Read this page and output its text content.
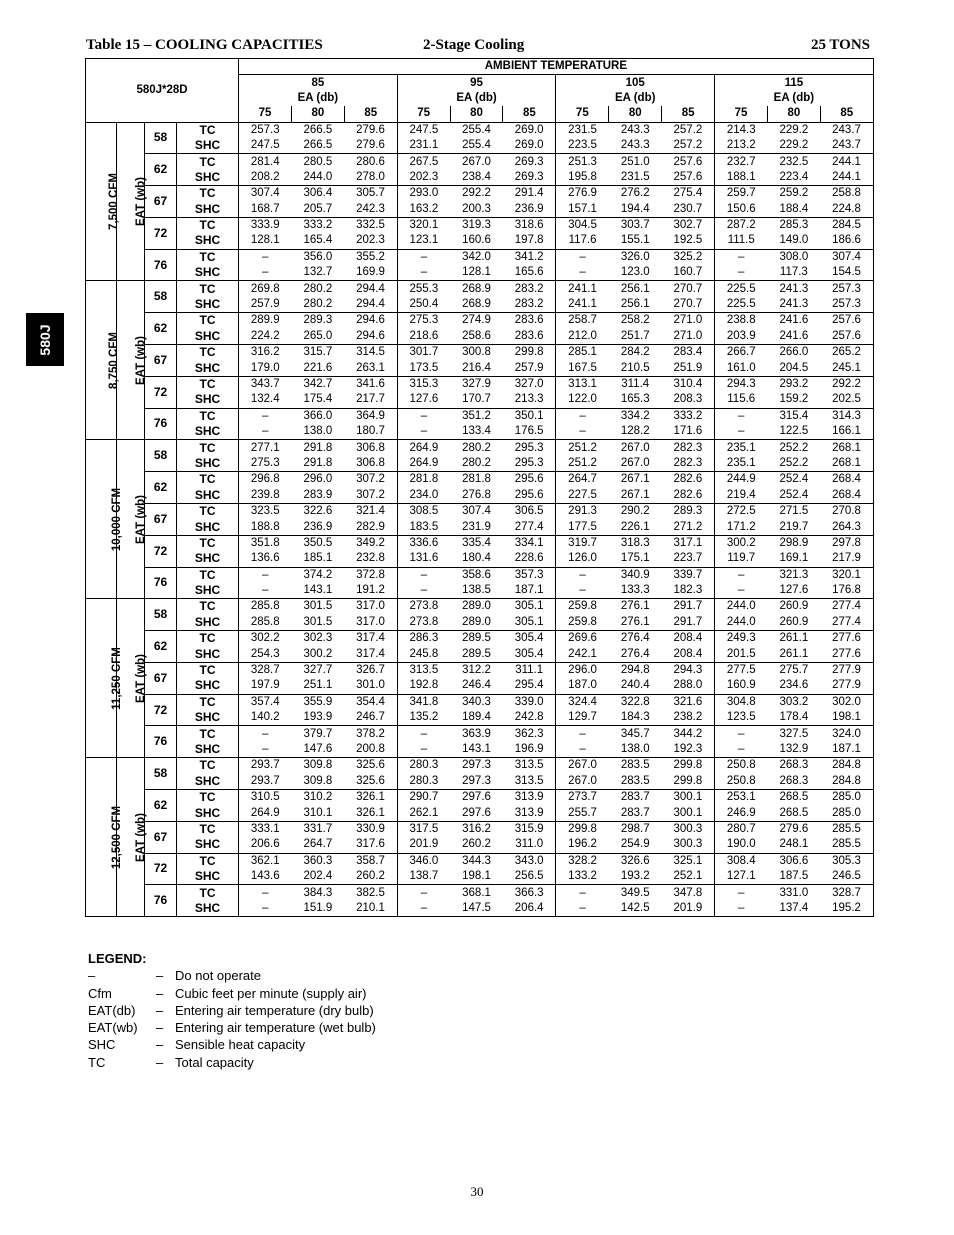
Table 15 – COOLING CAPACITIES	2-Stage Cooling	25 TONS
580J
580J*28D				AMBIENT TEMPERATURE											
				85			95			105			115		
				EA (db)			EA (db)			EA (db)			EA (db)		
				75	80	85	75	80	85	75	80	85	75	80	85
7,500 CFM	EAT (wb)	58	TC	257.3	266.5	279.6	247.5	255.4	269.0	231.5	243.3	257.2	214.3	229.2	243.7
			SHC	247.5	266.5	279.6	231.1	255.4	269.0	223.5	243.3	257.2	213.2	229.2	243.7
		62	TC	281.4	280.5	280.6	267.5	267.0	269.3	251.3	251.0	257.6	232.7	232.5	244.1
			SHC	208.2	244.0	278.0	202.3	238.4	269.3	195.8	231.5	257.6	188.1	223.4	244.1
		67	TC	307.4	306.4	305.7	293.0	292.2	291.4	276.9	276.2	275.4	259.7	259.2	258.8
			SHC	168.7	205.7	242.3	163.2	200.3	236.9	157.1	194.4	230.7	150.6	188.4	224.8
		72	TC	333.9	333.2	332.5	320.1	319.3	318.6	304.5	303.7	302.7	287.2	285.3	284.5
			SHC	128.1	165.4	202.3	123.1	160.6	197.8	117.6	155.1	192.5	111.5	149.0	186.6
		76	TC	–	356.0	355.2	–	342.0	341.2	–	326.0	325.2	–	308.0	307.4
			SHC	–	132.7	169.9	–	128.1	165.6	–	123.0	160.7	–	117.3	154.5
8,750 CFM	EAT (wb)	58	TC	269.8	280.2	294.4	255.3	268.9	283.2	241.1	256.1	270.7	225.5	241.3	257.3
			SHC	257.9	280.2	294.4	250.4	268.9	283.2	241.1	256.1	270.7	225.5	241.3	257.3
		62	TC	289.9	289.3	294.6	275.3	274.9	283.6	258.7	258.2	271.0	238.8	241.6	257.6
			SHC	224.2	265.0	294.6	218.6	258.6	283.6	212.0	251.7	271.0	203.9	241.6	257.6
		67	TC	316.2	315.7	314.5	301.7	300.8	299.8	285.1	284.2	283.4	266.7	266.0	265.2
			SHC	179.0	221.6	263.1	173.5	216.4	257.9	167.5	210.5	251.9	161.0	204.5	245.1
		72	TC	343.7	342.7	341.6	315.3	327.9	327.0	313.1	311.4	310.4	294.3	293.2	292.2
			SHC	132.4	175.4	217.7	127.6	170.7	213.3	122.0	165.3	208.3	115.6	159.2	202.5
		76	TC	–	366.0	364.9	–	351.2	350.1	–	334.2	333.2	–	315.4	314.3
			SHC	–	138.0	180.7	–	133.4	176.5	–	128.2	171.6	–	122.5	166.1
10,000 CFM	EAT (wb)	58	TC	277.1	291.8	306.8	264.9	280.2	295.3	251.2	267.0	282.3	235.1	252.2	268.1
			SHC	275.3	291.8	306.8	264.9	280.2	295.3	251.2	267.0	282.3	235.1	252.2	268.1
		62	TC	296.8	296.0	307.2	281.8	281.8	295.6	264.7	267.1	282.6	244.9	252.4	268.4
			SHC	239.8	283.9	307.2	234.0	276.8	295.6	227.5	267.1	282.6	219.4	252.4	268.4
		67	TC	323.5	322.6	321.4	308.5	307.4	306.5	291.3	290.2	289.3	272.5	271.5	270.8
			SHC	188.8	236.9	282.9	183.5	231.9	277.4	177.5	226.1	271.2	171.2	219.7	264.3
		72	TC	351.8	350.5	349.2	336.6	335.4	334.1	319.7	318.3	317.1	300.2	298.9	297.8
			SHC	136.6	185.1	232.8	131.6	180.4	228.6	126.0	175.1	223.7	119.7	169.1	217.9
		76	TC	–	374.2	372.8	–	358.6	357.3	–	340.9	339.7	–	321.3	320.1
			SHC	–	143.1	191.2	–	138.5	187.1	–	133.3	182.3	–	127.6	176.8
11,250 CFM	EAT (wb)	58	TC	285.8	301.5	317.0	273.8	289.0	305.1	259.8	276.1	291.7	244.0	260.9	277.4
			SHC	285.8	301.5	317.0	273.8	289.0	305.1	259.8	276.1	291.7	244.0	260.9	277.4
		62	TC	302.2	302.3	317.4	286.3	289.5	305.4	269.6	276.4	208.4	249.3	261.1	277.6
			SHC	254.3	300.2	317.4	245.8	289.5	305.4	242.1	276.4	208.4	201.5	261.1	277.6
		67	TC	328.7	327.7	326.7	313.5	312.2	311.1	296.0	294.8	294.3	277.5	275.7	277.9
			SHC	197.9	251.1	301.0	192.8	246.4	295.4	187.0	240.4	288.0	160.9	234.6	277.9
		72	TC	357.4	355.9	354.4	341.8	340.3	339.0	324.4	322.8	321.6	304.8	303.2	302.0
			SHC	140.2	193.9	246.7	135.2	189.4	242.8	129.7	184.3	238.2	123.5	178.4	198.1
		76	TC	–	379.7	378.2	–	363.9	362.3	–	345.7	344.2	–	327.5	324.0
			SHC	–	147.6	200.8	–	143.1	196.9	–	138.0	192.3	–	132.9	187.1
12,500 CFM	EAT (wb)	58	TC	293.7	309.8	325.6	280.3	297.3	313.5	267.0	283.5	299.8	250.8	268.3	284.8
			SHC	293.7	309.8	325.6	280.3	297.3	313.5	267.0	283.5	299.8	250.8	268.3	284.8
		62	TC	310.5	310.2	326.1	290.7	297.6	313.9	273.7	283.7	300.1	253.1	268.5	285.0
			SHC	264.9	310.1	326.1	262.1	297.6	313.9	255.7	283.7	300.1	246.9	268.5	285.0
		67	TC	333.1	331.7	330.9	317.5	316.2	315.9	299.8	298.7	300.3	280.7	279.6	285.5
			SHC	206.6	264.7	317.6	201.9	260.2	311.0	196.2	254.9	300.3	190.0	248.1	285.5
		72	TC	362.1	360.3	358.7	346.0	344.3	343.0	328.2	326.6	325.1	308.4	306.6	305.3
			SHC	143.6	202.4	260.2	138.7	198.1	256.5	133.2	193.2	252.1	127.1	187.5	246.5
		76	TC	–	384.3	382.5	–	368.1	366.3	–	349.5	347.8	–	331.0	328.7
			SHC	–	151.9	210.1	–	147.5	206.4	–	142.5	201.9	–	137.4	195.2
LEGEND:
–	– Do not operate
Cfm	– Cubic feet per minute (supply air)
EAT(db) – Entering air temperature (dry bulb)
EAT(wb) – Entering air temperature (wet bulb)
SHC	– Sensible heat capacity
TC	– Total capacity
30
